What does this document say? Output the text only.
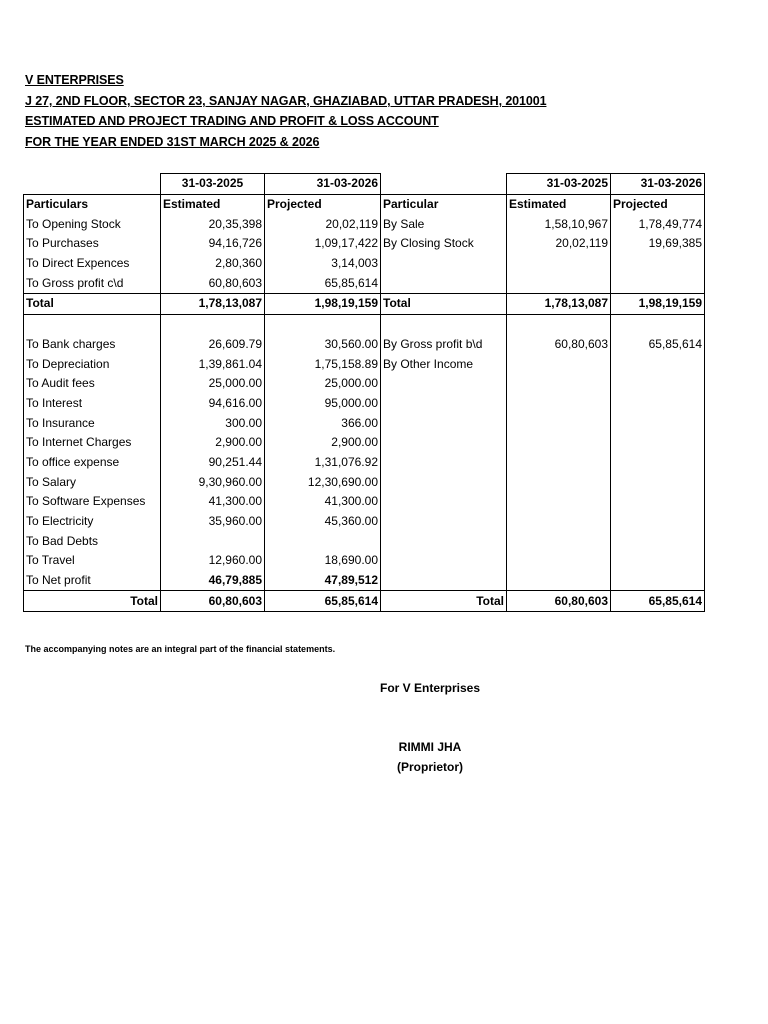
V ENTERPRISES
J 27, 2ND FLOOR, SECTOR 23, SANJAY NAGAR, GHAZIABAD, UTTAR PRADESH, 201001
ESTIMATED AND PROJECT TRADING AND PROFIT & LOSS ACCOUNT
FOR THE YEAR ENDED 31ST MARCH 2025 & 2026
	31-03-2025	31-03-2026		31-03-2025	31-03-2026
Particulars	Estimated	Projected	Particular	Estimated	Projected
To Opening Stock	20,35,398	20,02,119	By Sale	1,58,10,967	1,78,49,774
To Purchases	94,16,726	1,09,17,422	By Closing Stock	20,02,119	19,69,385
To Direct Expences	2,80,360	3,14,003			
To Gross profit c\d	60,80,603	65,85,614			
Total	1,78,13,087	1,98,19,159	Total	1,78,13,087	1,98,19,159

To Bank charges	26,609.79	30,560.00	By Gross profit b\d	60,80,603	65,85,614
To Depreciation	1,39,861.04	1,75,158.89	By Other Income		
To Audit fees	25,000.00	25,000.00			
To Interest	94,616.00	95,000.00			
To Insurance	300.00	366.00			
To Internet Charges	2,900.00	2,900.00			
To office expense	90,251.44	1,31,076.92			
To Salary	9,30,960.00	12,30,690.00			
To Software Expenses	41,300.00	41,300.00			
To Electricity	35,960.00	45,360.00			
To Bad Debts					
To Travel	12,960.00	18,690.00			
To Net profit	46,79,885	47,89,512			
Total	60,80,603	65,85,614	Total	60,80,603	65,85,614
The accompanying notes are an integral part of the financial statements.
For V Enterprises
RIMMI JHA
(Proprietor)
